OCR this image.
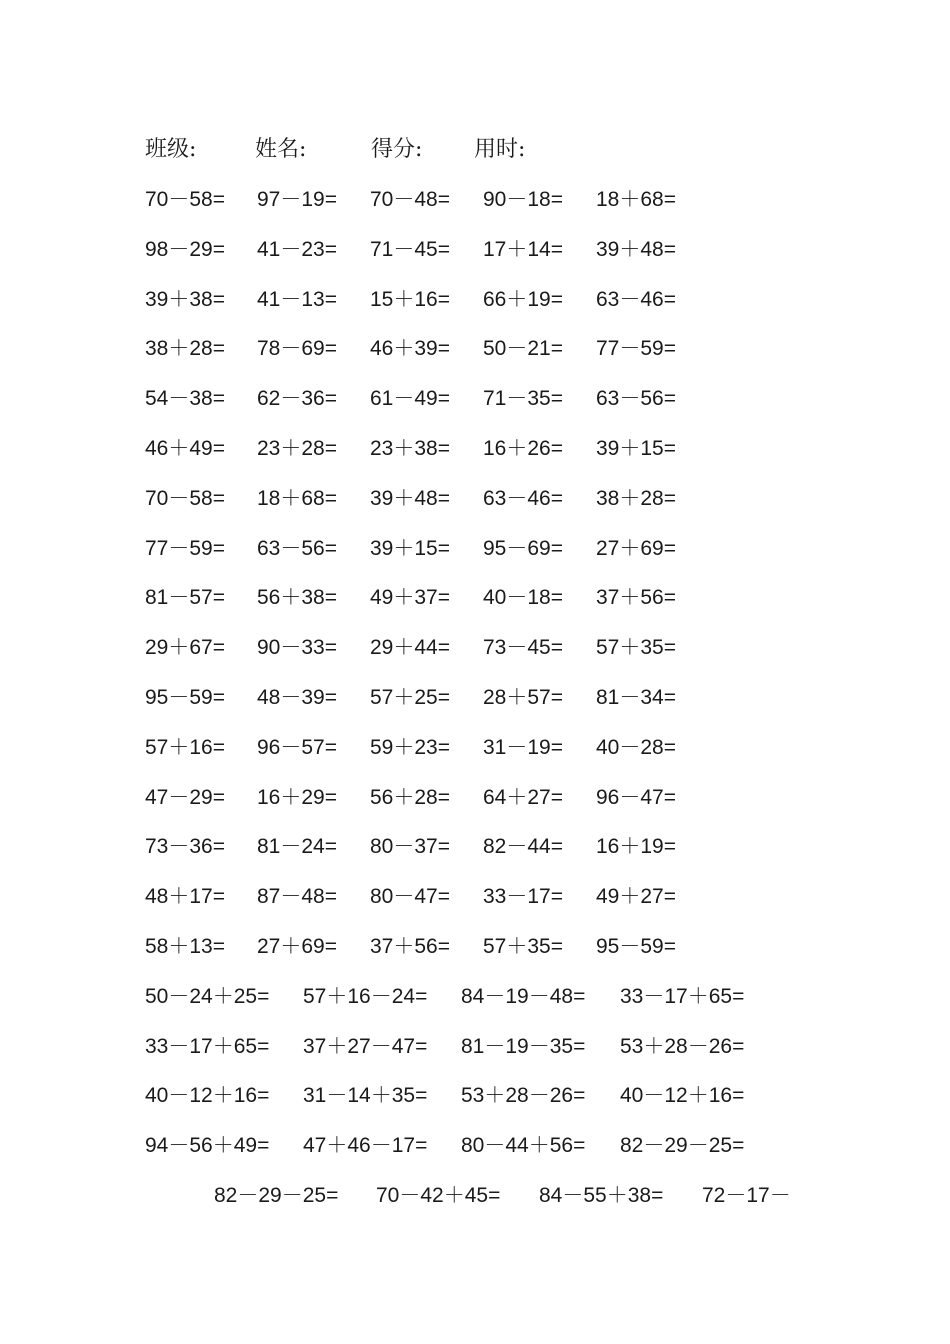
班级:	姓名:	得分: 用时:
70－58= 97－19= 70－48= 90－18= 18＋68=
98－29= 41－23= 71－45= 17＋14= 39＋48=
39＋38= 41－13= 15＋16= 66＋19= 63－46=
38＋28= 78－69= 46＋39= 50－21= 77－59=
54－38= 62－36= 61－49= 71－35= 63－56=
46＋49= 23＋28= 23＋38= 16＋26= 39＋15=
70－58= 18＋68= 39＋48= 63－46= 38＋28=
77－59= 63－56= 39＋15= 95－69= 27＋69=
81－57= 56＋38= 49＋37= 40－18= 37＋56=
29＋67= 90－33= 29＋44= 73－45= 57＋35=
95－59= 48－39= 57＋25= 28＋57= 81－34=
57＋16= 96－57= 59＋23= 31－19= 40－28=
47－29= 16＋29= 56＋28= 64＋27= 96－47=
73－36= 81－24= 80－37= 82－44= 16＋19=
48＋17= 87－48= 80－47= 33－17= 49＋27=
58＋13= 27＋69= 37＋56= 57＋35= 95－59=
50－24＋25= 57＋16－24= 84－19－48= 33－17＋65=
33－17＋65= 37＋27－47= 81－19－35= 53＋28－26=
40－12＋16= 31－14＋35= 53＋28－26= 40－12＋16=
94－56＋49= 47＋46－17= 80－44＋56= 82－29－25=
82－29－25= 70－42＋45= 84－55＋38= 72－17－
